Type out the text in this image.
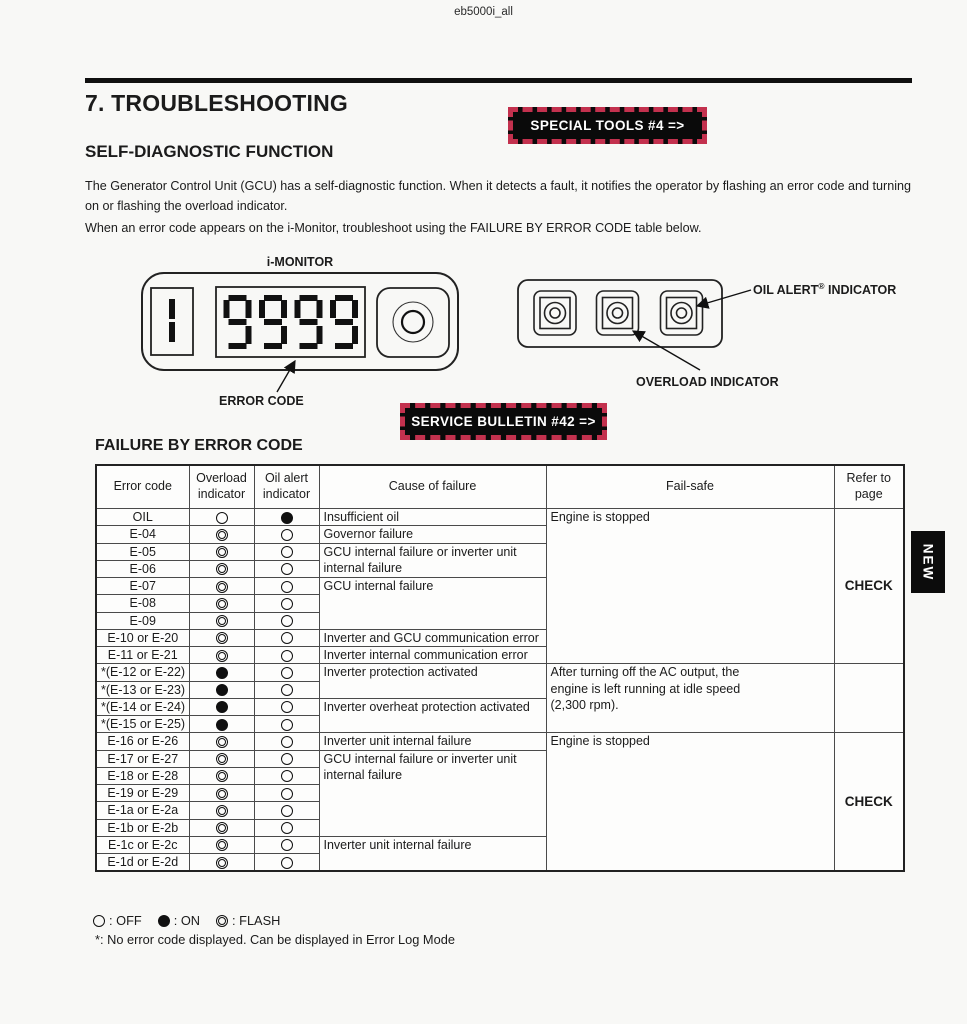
eb5000i_all
7. TROUBLESHOOTING
SPECIAL TOOLS #4 =>
SELF-DIAGNOSTIC FUNCTION

The Generator Control Unit (GCU) has a self-diagnostic function. When it detects a fault, it notifies the operator by flashing an error code and turning on or flashing the overload indicator.

When an error code appears on the i-Monitor, troubleshoot using the FAILURE BY ERROR CODE table below.

i-MONITOR
ERROR CODE
OIL ALERT® INDICATOR
OVERLOAD INDICATOR
SERVICE BULLETIN #42 =>
FAILURE BY ERROR CODE
Error code	Overload indicator	Oil alert indicator	Cause of failure	Fail-safe	Refer to page
OIL			Insufficient oil	Engine is stopped	CHECK
E-04			Governor failure		
E-05			GCU internal failure or inverter unit internal failure		
E-06					
E-07			GCU internal failure		
E-08					
E-09					
E-10 or E-20			Inverter and GCU communication error		
E-11 or E-21			Inverter internal communication error		
*(E-12 or E-22)			Inverter protection activated	After turning off the AC output, the engine is left running at idle speed (2,300 rpm).	

*(E-13 or E-23)					
*(E-14 or E-24)			Inverter overheat protection activated		
*(E-15 or E-25)					
E-16 or E-26			Inverter unit internal failure	Engine is stopped	CHECK
E-17 or E-27			GCU internal failure or inverter unit internal failure		
E-18 or E-28					
E-19 or E-29					
E-1a or E-2a					
E-1b or E-2b					
E-1c or E-2c			Inverter unit internal failure		
E-1d or E-2d					
NEW
: OFF	: ON	: FLASH
*: No error code displayed. Can be displayed in Error Log Mode
